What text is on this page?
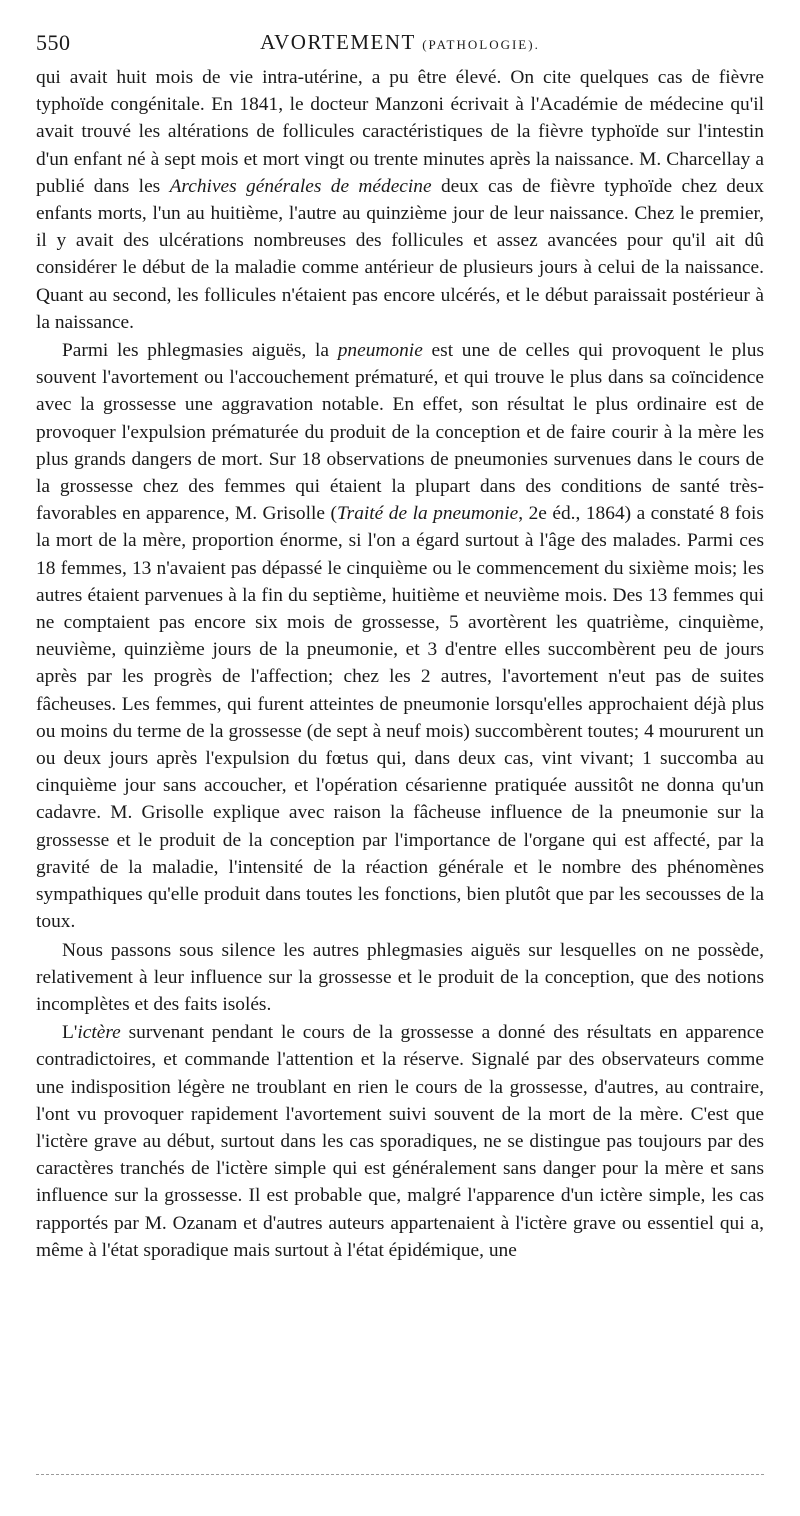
550	AVORTEMENT (PATHOLOGIE).

qui avait huit mois de vie intra-utérine, a pu être élevé. On cite quelques cas de fièvre typhoïde congénitale. En 1841, le docteur Manzoni écrivait à l'Académie de médecine qu'il avait trouvé les altérations de follicules caractéristiques de la fièvre typhoïde sur l'intestin d'un enfant né à sept mois et mort vingt ou trente minutes après la naissance. M. Charcellay a publié dans les Archives générales de médecine deux cas de fièvre typhoïde chez deux enfants morts, l'un au huitième, l'autre au quinzième jour de leur naissance. Chez le premier, il y avait des ulcérations nombreuses des follicules et assez avancées pour qu'il ait dû considérer le début de la maladie comme antérieur de plusieurs jours à celui de la naissance. Quant au second, les follicules n'étaient pas encore ulcérés, et le début paraissait postérieur à la naissance.

Parmi les phlegmasies aiguës, la pneumonie est une de celles qui provoquent le plus souvent l'avortement ou l'accouchement prématuré, et qui trouve le plus dans sa coïncidence avec la grossesse une aggravation notable. En effet, son résultat le plus ordinaire est de provoquer l'expulsion prématurée du produit de la conception et de faire courir à la mère les plus grands dangers de mort. Sur 18 observations de pneumonies survenues dans le cours de la grossesse chez des femmes qui étaient la plupart dans des conditions de santé très-favorables en apparence, M. Grisolle (Traité de la pneumonie, 2e éd., 1864) a constaté 8 fois la mort de la mère, proportion énorme, si l'on a égard surtout à l'âge des malades. Parmi ces 18 femmes, 13 n'avaient pas dépassé le cinquième ou le commencement du sixième mois; les autres étaient parvenues à la fin du septième, huitième et neuvième mois. Des 13 femmes qui ne comptaient pas encore six mois de grossesse, 5 avortèrent les quatrième, cinquième, neuvième, quinzième jours de la pneumonie, et 3 d'entre elles succombèrent peu de jours après par les progrès de l'affection; chez les 2 autres, l'avortement n'eut pas de suites fâcheuses. Les femmes, qui furent atteintes de pneumonie lorsqu'elles approchaient déjà plus ou moins du terme de la grossesse (de sept à neuf mois) succombèrent toutes; 4 moururent un ou deux jours après l'expulsion du fœtus qui, dans deux cas, vint vivant; 1 succomba au cinquième jour sans accoucher, et l'opération césarienne pratiquée aussitôt ne donna qu'un cadavre. M. Grisolle explique avec raison la fâcheuse influence de la pneumonie sur la grossesse et le produit de la conception par l'importance de l'organe qui est affecté, par la gravité de la maladie, l'intensité de la réaction générale et le nombre des phénomènes sympathiques qu'elle produit dans toutes les fonctions, bien plutôt que par les secousses de la toux.

Nous passons sous silence les autres phlegmasies aiguës sur lesquelles on ne possède, relativement à leur influence sur la grossesse et le produit de la conception, que des notions incomplètes et des faits isolés.

L'ictère survenant pendant le cours de la grossesse a donné des résultats en apparence contradictoires, et commande l'attention et la réserve. Signalé par des observateurs comme une indisposition légère ne troublant en rien le cours de la grossesse, d'autres, au contraire, l'ont vu provoquer rapidement l'avortement suivi souvent de la mort de la mère. C'est que l'ictère grave au début, surtout dans les cas sporadiques, ne se distingue pas toujours par des caractères tranchés de l'ictère simple qui est généralement sans danger pour la mère et sans influence sur la grossesse. Il est probable que, malgré l'apparence d'un ictère simple, les cas rapportés par M. Ozanam et d'autres auteurs appartenaient à l'ictère grave ou essentiel qui a, même à l'état sporadique mais surtout à l'état épidémique, une
